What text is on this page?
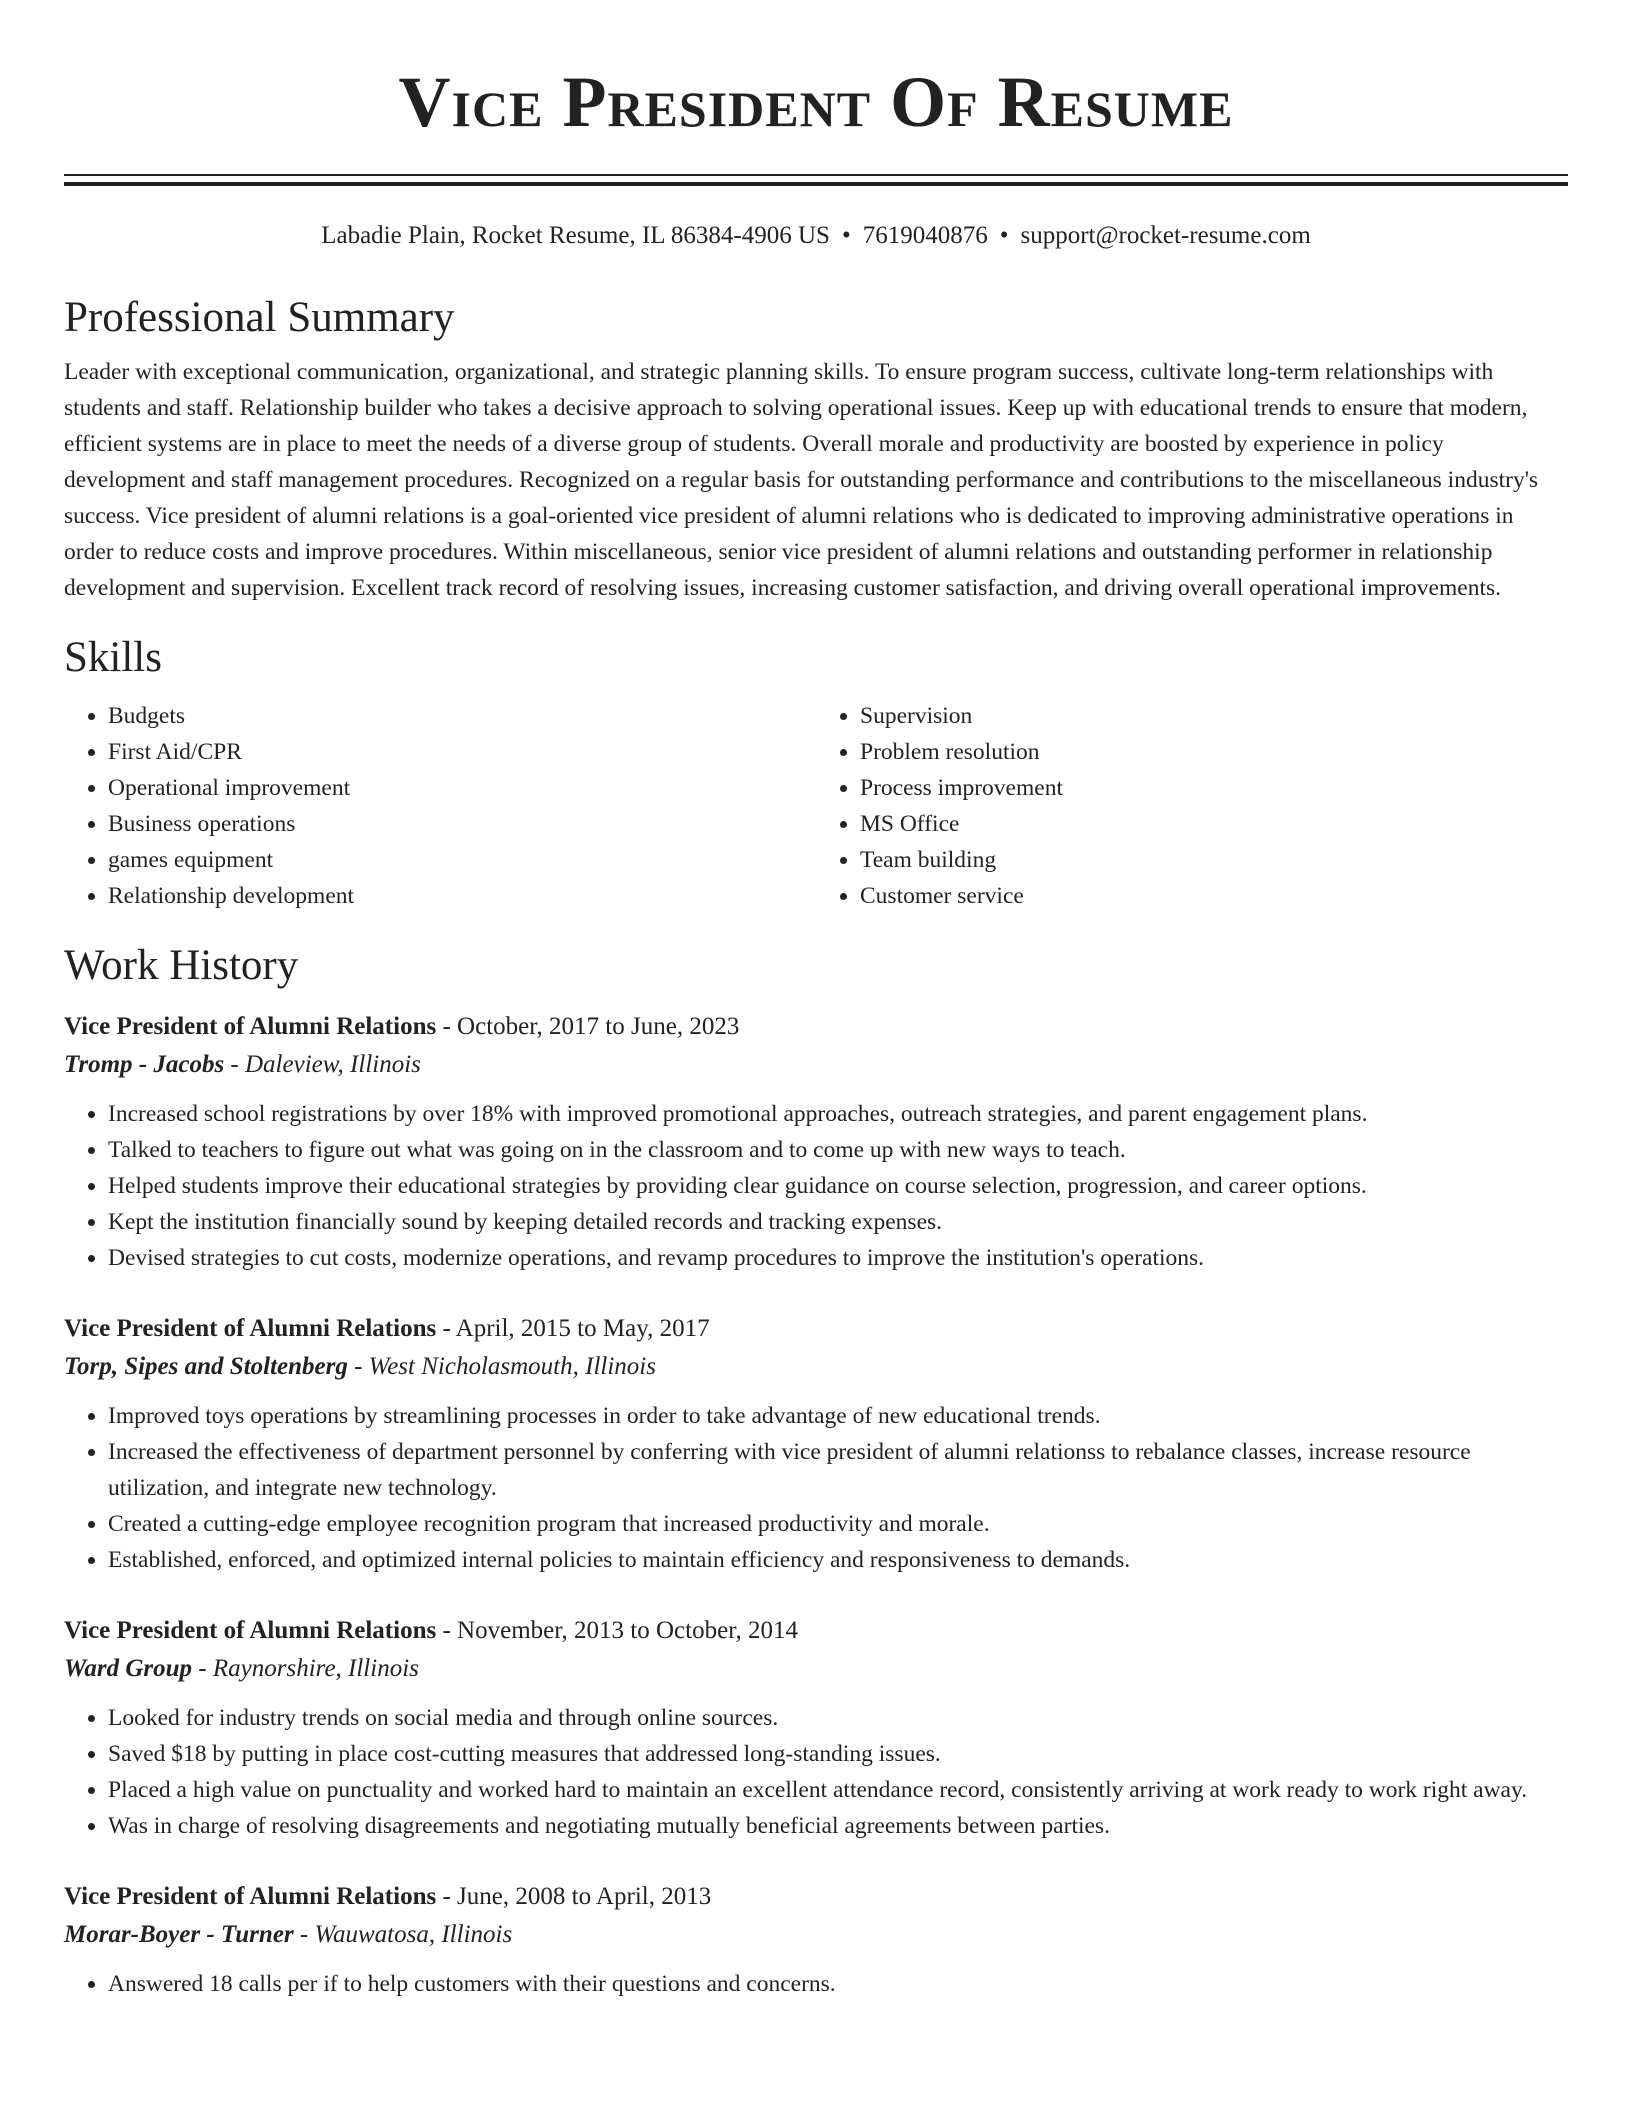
Vice President Of Resume
Labadie Plain, Rocket Resume, IL 86384-4906 US • 7619040876 • support@rocket-resume.com
Professional Summary

Leader with exceptional communication, organizational, and strategic planning skills. To ensure program success, cultivate long-term relationships with students and staff. Relationship builder who takes a decisive approach to solving operational issues. Keep up with educational trends to ensure that modern, efficient systems are in place to meet the needs of a diverse group of students. Overall morale and productivity are boosted by experience in policy development and staff management procedures. Recognized on a regular basis for outstanding performance and contributions to the miscellaneous industry's success. Vice president of alumni relations is a goal-oriented vice president of alumni relations who is dedicated to improving administrative operations in order to reduce costs and improve procedures. Within miscellaneous, senior vice president of alumni relations and outstanding performer in relationship development and supervision. Excellent track record of resolving issues, increasing customer satisfaction, and driving overall operational improvements.

Skills
• Budgets
• First Aid/CPR
• Operational improvement
• Business operations
• games equipment
• Relationship development
• Supervision
• Problem resolution
• Process improvement
• MS Office
• Team building
• Customer service
Work History
Vice President of Alumni Relations - October, 2017 to June, 2023
Tromp - Jacobs - Daleview, Illinois
• Increased school registrations by over 18% with improved promotional approaches, outreach strategies, and parent engagement plans.
• Talked to teachers to figure out what was going on in the classroom and to come up with new ways to teach.
• Helped students improve their educational strategies by providing clear guidance on course selection, progression, and career options.
• Kept the institution financially sound by keeping detailed records and tracking expenses.
• Devised strategies to cut costs, modernize operations, and revamp procedures to improve the institution's operations.
Vice President of Alumni Relations - April, 2015 to May, 2017
Torp, Sipes and Stoltenberg - West Nicholasmouth, Illinois
• Improved toys operations by streamlining processes in order to take advantage of new educational trends.
• Increased the effectiveness of department personnel by conferring with vice president of alumni relationss to rebalance classes, increase resource utilization, and integrate new technology.
• Created a cutting-edge employee recognition program that increased productivity and morale.
• Established, enforced, and optimized internal policies to maintain efficiency and responsiveness to demands.
Vice President of Alumni Relations - November, 2013 to October, 2014
Ward Group - Raynorshire, Illinois
• Looked for industry trends on social media and through online sources.
• Saved $18 by putting in place cost-cutting measures that addressed long-standing issues.
• Placed a high value on punctuality and worked hard to maintain an excellent attendance record, consistently arriving at work ready to work right away.
• Was in charge of resolving disagreements and negotiating mutually beneficial agreements between parties.
Vice President of Alumni Relations - June, 2008 to April, 2013
Morar-Boyer - Turner - Wauwatosa, Illinois
• Answered 18 calls per if to help customers with their questions and concerns.
